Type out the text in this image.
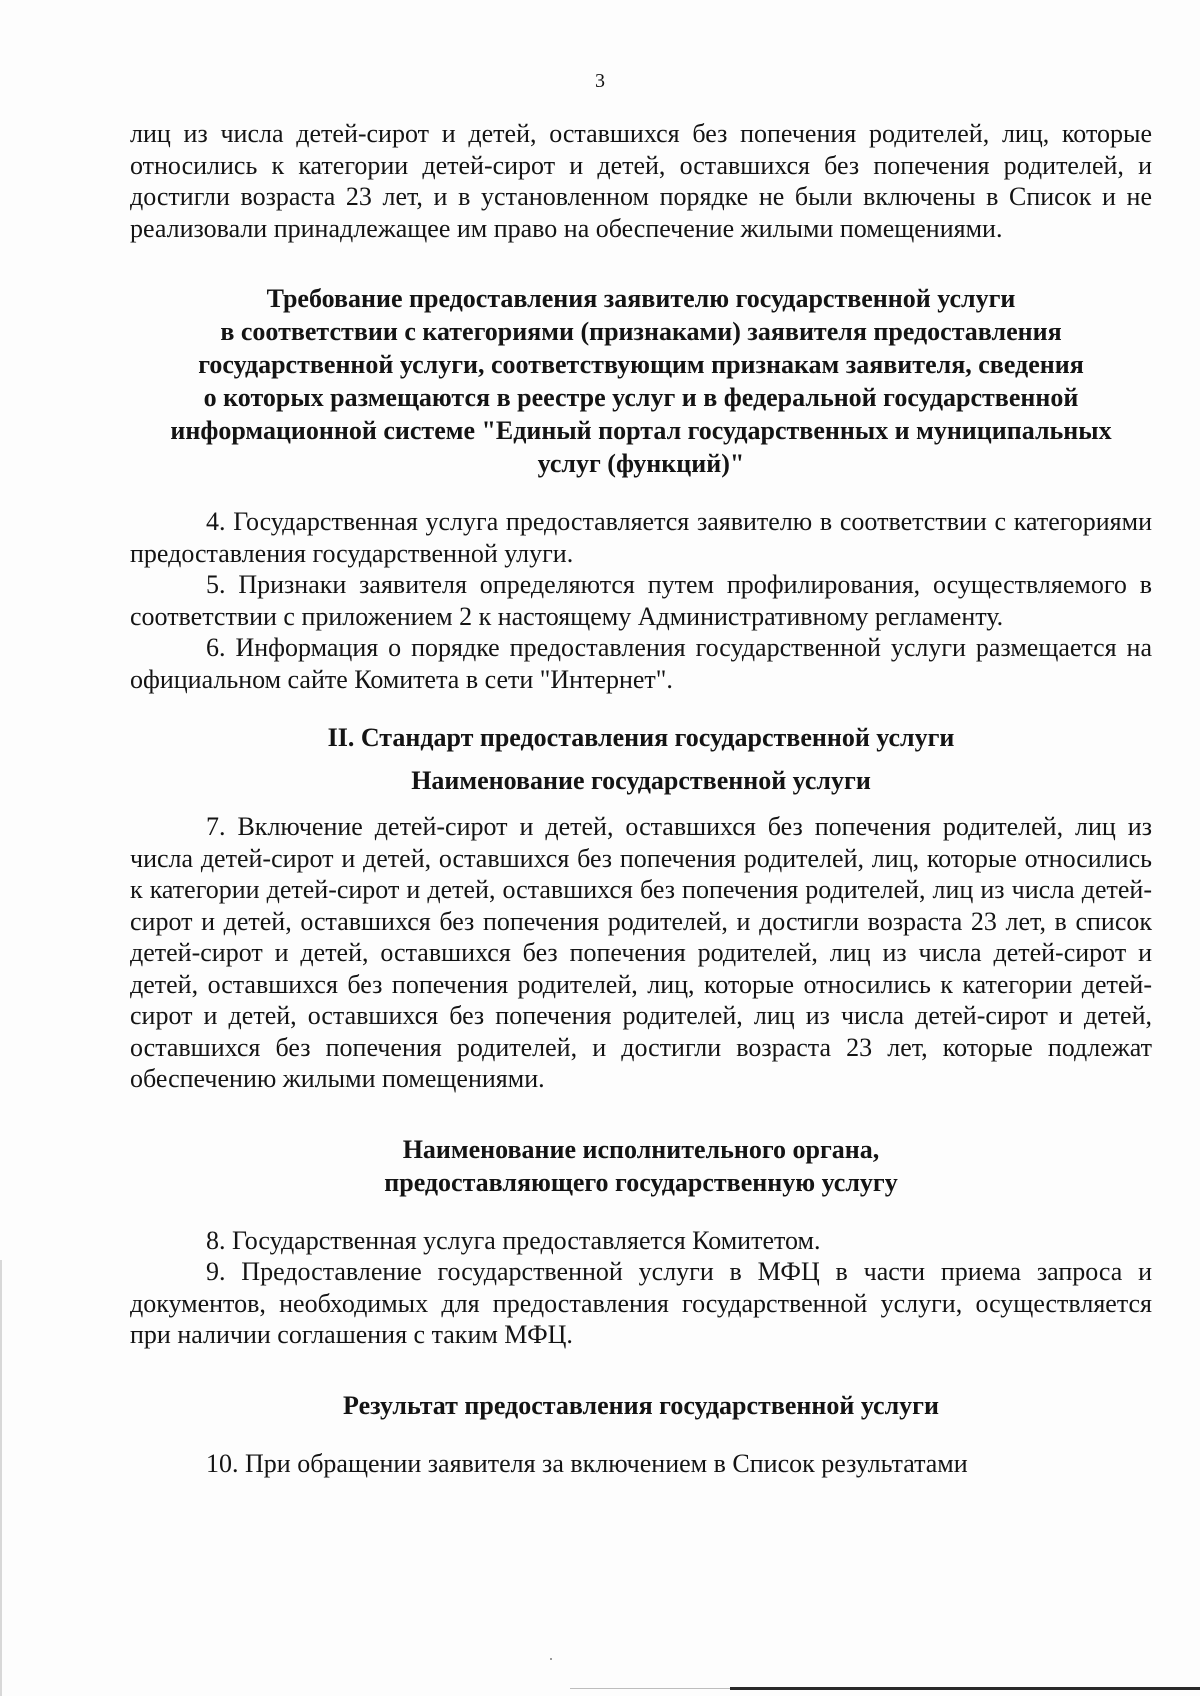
3

лиц из числа детей-сирот и детей, оставшихся без попечения родителей, лиц, которые относились к категории детей-сирот и детей, оставшихся без попечения родителей, и достигли возраста 23 лет, и в установленном порядке не были включены в Список и не реализовали принадлежащее им право на обеспечение жилыми помещениями.

Требование предоставления заявителю государственной услуги
в соответствии с категориями (признаками) заявителя предоставления
государственной услуги, соответствующим признакам заявителя, сведения
о которых размещаются в реестре услуг и в федеральной государственной
информационной системе "Единый портал государственных и муниципальных
услуг (функций)"

4. Государственная услуга предоставляется заявителю в соответствии с категориями предоставления государственной улуги.

5. Признаки заявителя определяются путем профилирования, осуществляемого в соответствии с приложением 2 к настоящему Административному регламенту.

6. Информация о порядке предоставления государственной услуги размещается на официальном сайте Комитета в сети "Интернет".

II. Стандарт предоставления государственной услуги
Наименование государственной услуги

7. Включение детей-сирот и детей, оставшихся без попечения родителей, лиц из числа детей-сирот и детей, оставшихся без попечения родителей, лиц, которые относились к категории детей-сирот и детей, оставшихся без попечения родителей, лиц из числа детей-сирот и детей, оставшихся без попечения родителей, и достигли возраста 23 лет, в список детей-сирот и детей, оставшихся без попечения родителей, лиц из числа детей-сирот и детей, оставшихся без попечения родителей, лиц, которые относились к категории детей-сирот и детей, оставшихся без попечения родителей, лиц из числа детей-сирот и детей, оставшихся без попечения родителей, и достигли возраста 23 лет, которые подлежат обеспечению жилыми помещениями.

Наименование исполнительного органа,
предоставляющего государственную услугу

8. Государственная услуга предоставляется Комитетом.

9. Предоставление государственной услуги в МФЦ в части приема запроса и документов, необходимых для предоставления государственной услуги, осуществляется при наличии соглашения с таким МФЦ.

Результат предоставления государственной услуги

10. При обращении заявителя за включением в Список результатами
